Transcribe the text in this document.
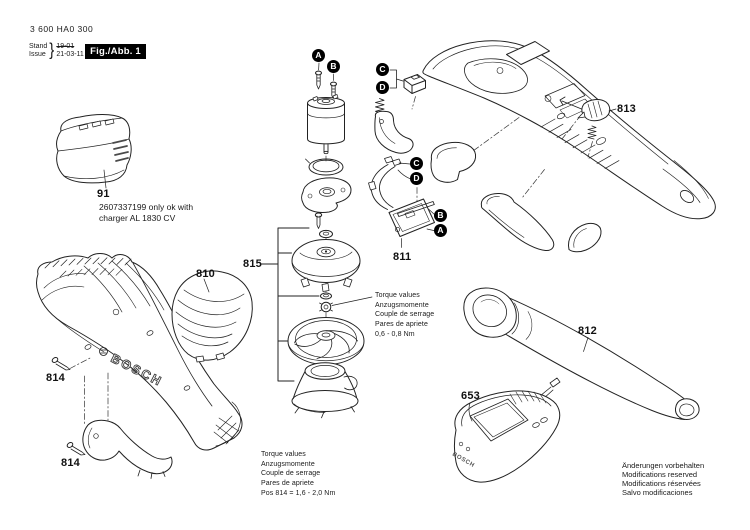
BOSCH
BOSCH
3 600 HA0 300
Stand
Issue } 19-01
21-03-11 Fig./Abb. 1
91
810
811
812
813
814
814
815
653
A
B	C
D
C
D
B
A
2607337199 only ok with
charger AL 1830 CV
Torque values
Anzugsmomente
Couple de serrage
Pares de apriete
0,6 - 0,8 Nm
Torque values
Anzugsmomente
Couple de serrage
Pares de apriete
Pos 814 = 1,6 - 2,0 Nm
Änderungen vorbehalten
Modifications reserved
Modifications réservées
Salvo modificaciones
